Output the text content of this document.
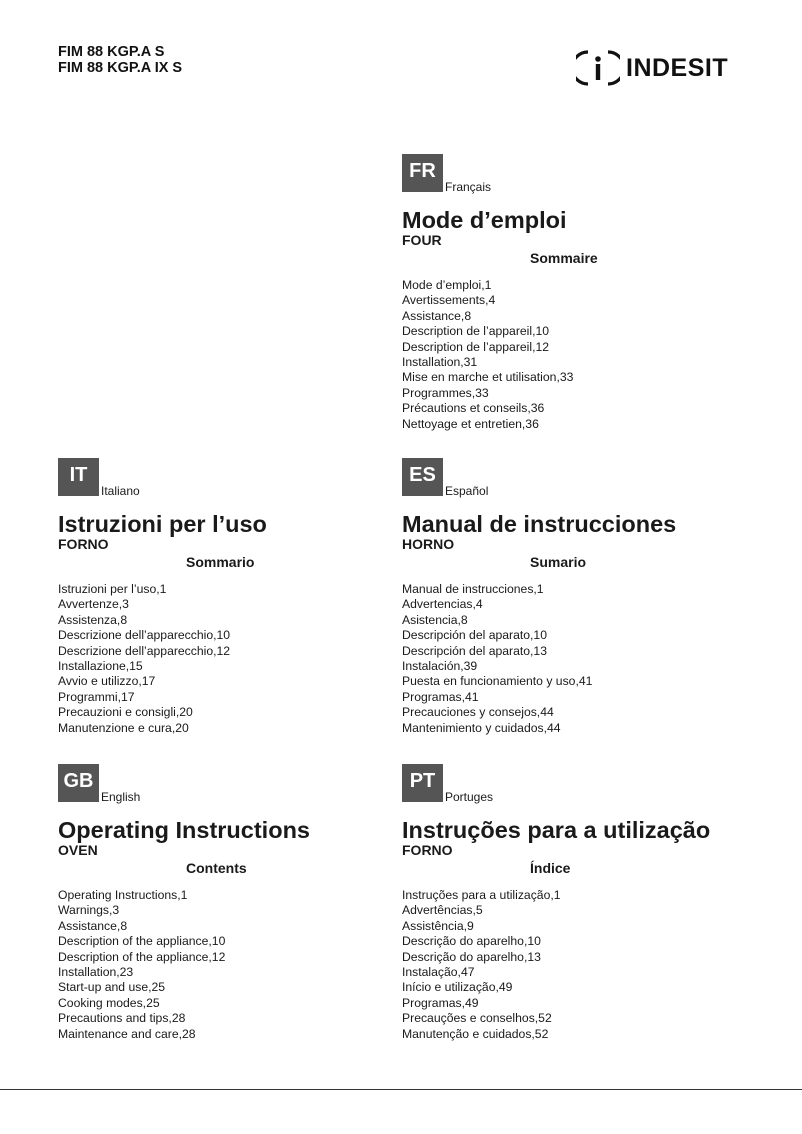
FIM 88 KGP.A S
FIM 88 KGP.A IX S	INDESIT
FR
Français
Mode d’emploi
FOUR
Sommaire
Mode d’emploi,1
Avertissements,4
Assistance,8
Description de l’appareil,10
Description de l’appareil,12
Installation,31
Mise en marche et utilisation,33
Programmes,33
Précautions et conseils,36
Nettoyage et entretien,36
IT
Italiano
Istruzioni per l’uso
FORNO
Sommario
Istruzioni per l’uso,1
Avvertenze,3
Assistenza,8
Descrizione dell’apparecchio,10
Descrizione dell’apparecchio,12
Installazione,15
Avvio e utilizzo,17
Programmi,17
Precauzioni e consigli,20
Manutenzione e cura,20
ES
Español
Manual de instrucciones
HORNO
Sumario
Manual de instrucciones,1
Advertencias,4
Asistencia,8
Descripción del aparato,10
Descripción del aparato,13
Instalación,39
Puesta en funcionamiento y uso,41
Programas,41
Precauciones y consejos,44
Mantenimiento y cuidados,44
GB
English
Operating Instructions
OVEN
Contents
Operating Instructions,1
Warnings,3
Assistance,8
Description of the appliance,10
Description of the appliance,12
Installation,23
Start-up and use,25
Cooking modes,25
Precautions and tips,28
Maintenance and care,28
PT
Portuges
Instruções para a utilização
FORNO
Índice
Instruções para a utilização,1
Advertências,5
Assistência,9
Descrição do aparelho,10
Descrição do aparelho,13
Instalação,47
Início e utilização,49
Programas,49
Precauções e conselhos,52
Manutenção e cuidados,52
